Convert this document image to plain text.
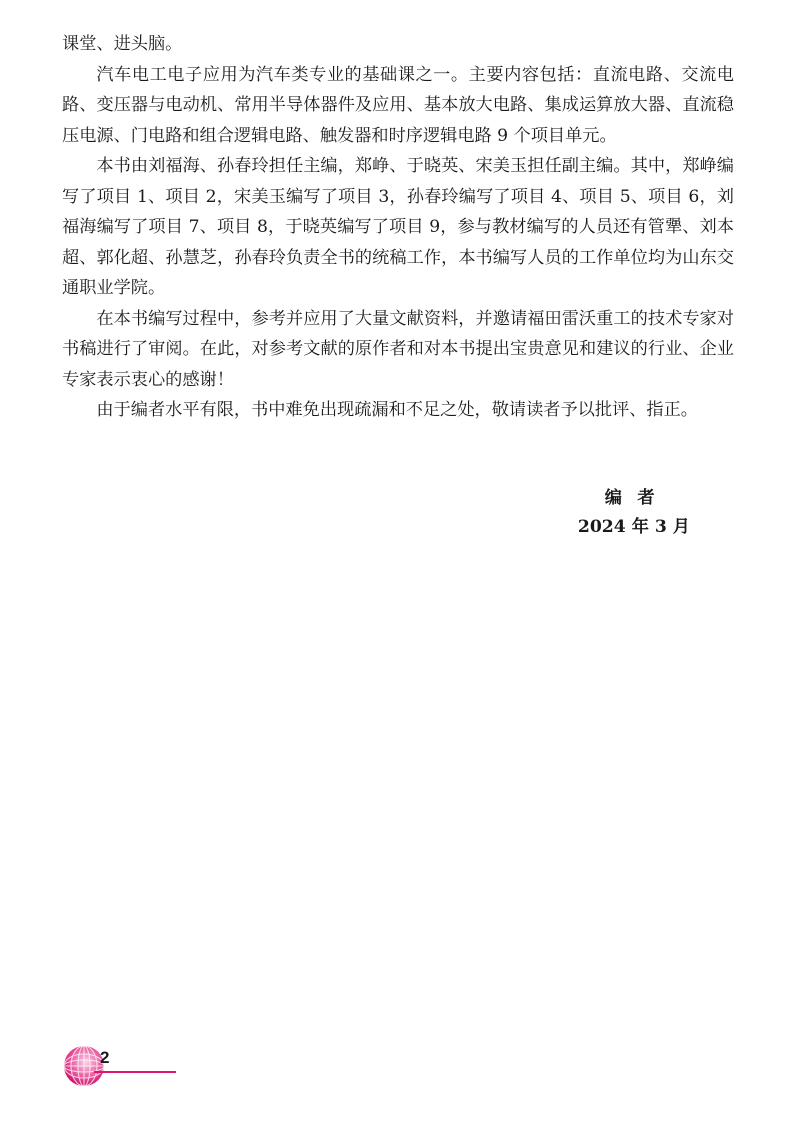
课堂、进头脑。

汽车电工电子应用为汽车类专业的基础课之一。主要内容包括：直流电路、交流电路、变压器与电动机、常用半导体器件及应用、基本放大电路、集成运算放大器、直流稳压电源、门电路和组合逻辑电路、触发器和时序逻辑电路 9 个项目单元。

本书由刘福海、孙春玲担任主编，郑峥、于晓英、宋美玉担任副主编。其中，郑峥编写了项目 1、项目 2，宋美玉编写了项目 3，孙春玲编写了项目 4、项目 5、项目 6，刘福海编写了项目 7、项目 8，于晓英编写了项目 9，参与教材编写的人员还有管犟、刘本超、郭化超、孙慧芝，孙春玲负责全书的统稿工作，本书编写人员的工作单位均为山东交通职业学院。

在本书编写过程中，参考并应用了大量文献资料，并邀请福田雷沃重工的技术专家对书稿进行了审阅。在此，对参考文献的原作者和对本书提出宝贵意见和建议的行业、企业专家表示衷心的感谢！

由于编者水平有限，书中难免出现疏漏和不足之处，敬请读者予以批评、指正。

编者
2024 年 3 月
2
